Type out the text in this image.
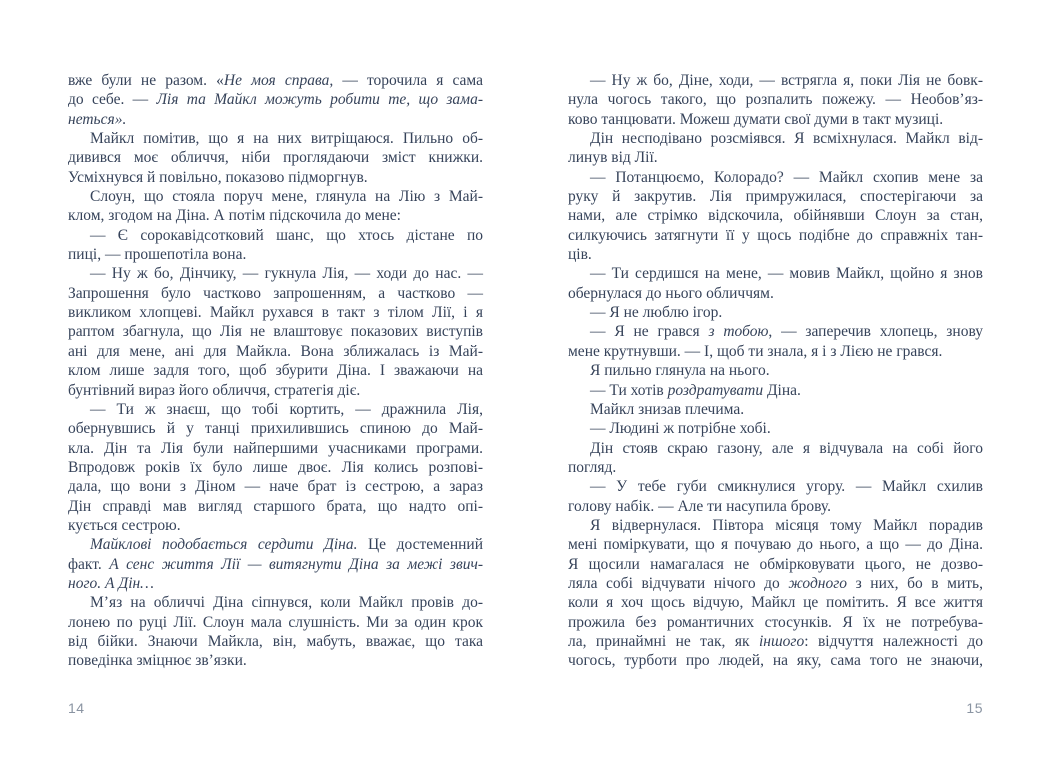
вже були не разом. «Не моя справа, — торочила я сама
до себе. — Лія та Майкл можуть робити те, що зама-
неться».
Майкл помітив, що я на них витріщаюся. Пильно об-
дивився моє обличчя, ніби проглядаючи зміст книжки.
Усміхнувся й повільно, показово підморгнув.
Слоун, що стояла поруч мене, глянула на Лію з Май-
клом, згодом на Діна. А потім підскочила до мене:
— Є сорокавідсотковий шанс, що хтось дістане по
пиці, — прошепотіла вона.
— Ну ж бо, Дінчику, — гукнула Лія, — ходи до нас. —
Запрошення було частково запрошенням, а частково —
викликом хлопцеві. Майкл рухався в такт з тілом Лії, і я
раптом збагнула, що Лія не влаштовує показових виступів
ані для мене, ані для Майкла. Вона зближалась із Май-
клом лише задля того, щоб збурити Діна. І зважаючи на
бунтівний вираз його обличчя, стратегія діє.
— Ти ж знаєш, що тобі кортить, — дражнила Лія,
обернувшись й у танці прихилившись спиною до Май-
кла. Дін та Лія були найпершими учасниками програми.
Впродовж років їх було лише двоє. Лія колись розпові-
дала, що вони з Діном — наче брат із сестрою, а зараз
Дін справді мав вигляд старшого брата, що надто опі-
кується сестрою.
Майклові подобається сердити Діна. Це достеменний
факт. А сенс життя Лії — витягнути Діна за межі звич-
ного. А Дін…
М’яз на обличчі Діна сіпнувся, коли Майкл провів до-
лонею по руці Лії. Слоун мала слушність. Ми за один крок
від бійки. Знаючи Майкла, він, мабуть, вважає, що така
поведінка зміцнює зв’язки.
— Ну ж бо, Діне, ходи, — встрягла я, поки Лія не бовк-
нула чогось такого, що розпалить пожежу. — Необов’яз-
ково танцювати. Можеш думати свої думи в такт музиці.
Дін несподівано розсміявся. Я всміхнулася. Майкл від-
линув від Лії.
— Потанцюємо, Колорадо? — Майкл схопив мене за
руку й закрутив. Лія примружилася, спостерігаючи за
нами, але стрімко відскочила, обійнявши Слоун за стан,
силкуючись затягнути її у щось подібне до справжніх тан-
ців.
— Ти сердишся на мене, — мовив Майкл, щойно я знов
обернулася до нього обличчям.
— Я не люблю ігор.
— Я не грався з тобою, — заперечив хлопець, знову
мене крутнувши. — І, щоб ти знала, я і з Лією не грався.
Я пильно глянула на нього.
— Ти хотів роздратувати Діна.
Майкл знизав плечима.
— Людині ж потрібне хобі.
Дін стояв скраю газону, але я відчувала на собі його
погляд.
— У тебе губи смикнулися угору. — Майкл схилив
голову набік. — Але ти насупила брову.
Я відвернулася. Півтора місяця тому Майкл порадив
мені поміркувати, що я почуваю до нього, а що — до Діна.
Я щосили намагалася не обмірковувати цього, не дозво-
ляла собі відчувати нічого до жодного з них, бо в мить,
коли я хоч щось відчую, Майкл це помітить. Я все життя
прожила без романтичних стосунків. Я їх не потребува-
ла, принаймні не так, як іншого: відчуття належності до
чогось, турботи про людей, на яку, сама того не знаючи,
14	15
